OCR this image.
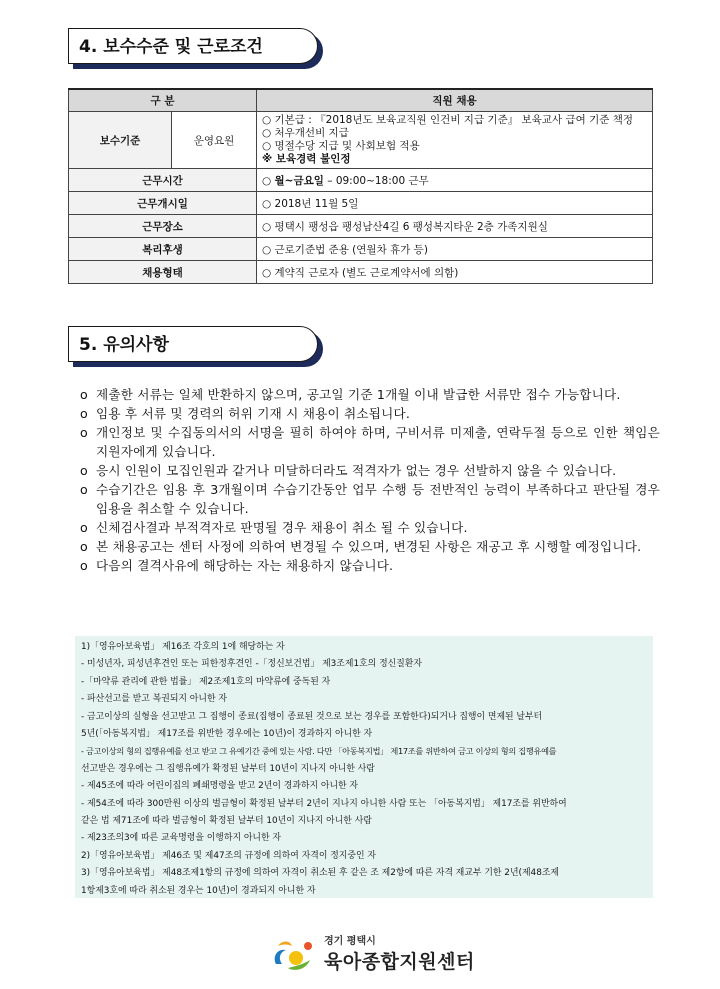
4. 보수수준 및 근로조건
구 분		직원 채용
보수기준	운영요원	○ 기본급 : 『2018년도 보육교직원 인건비 지급 기준』 보육교사 급여 기준 책정
○ 처우개선비 지급
○ 명절수당 지급 및 사회보험 적용
※ 보육경력 불인정

근무시간		○ 월~금요일 – 09:00~18:00 근무
근무개시일		○ 2018년 11월 5일
근무장소		○ 평택시 팽성읍 팽성남산4길 6 팽성복지타운 2층 가족지원실
복리후생		○ 근로기준법 준용 (연월차 휴가 등)
채용형태		○ 계약직 근로자 (별도 근로계약서에 의함)
5. 유의사항
o 제출한 서류는 일체 반환하지 않으며, 공고일 기준 1개월 이내 발급한 서류만 접수 가능합니다.
o 임용 후 서류 및 경력의 허위 기재 시 채용이 취소됩니다.
o 개인정보 및 수집동의서의 서명을 필히 하여야 하며, 구비서류 미제출, 연락두절 등으로 인한 책임은 지원자에게 있습니다.
o 응시 인원이 모집인원과 같거나 미달하더라도 적격자가 없는 경우 선발하지 않을 수 있습니다.
o 수습기간은 임용 후 3개월이며 수습기간동안 업무 수행 등 전반적인 능력이 부족하다고 판단될 경우 임용을 취소할 수 있습니다.
o 신체검사결과 부적격자로 판명될 경우 채용이 취소 될 수 있습니다.
o 본 채용공고는 센터 사정에 의하여 변경될 수 있으며, 변경된 사항은 재공고 후 시행할 예정입니다.
o 다음의 결격사유에 해당하는 자는 채용하지 않습니다.
1)「영유아보육법」 제16조 각호의 1에 해당하는 자
- 미성년자, 피성년후견인 또는 피한정후견인 -「정신보건법」 제3조제1호의 정신질환자
-「마약류 관리에 관한 법률」 제2조제1호의 마약류에 중독된 자
- 파산선고를 받고 복권되지 아니한 자
- 금고이상의 실형을 선고받고 그 집행이 종료(집행이 종료된 것으로 보는 경우를 포함한다)되거나 집행이 면제된 날부터
5년(「아동복지법」 제17조를 위반한 경우에는 10년)이 경과하지 아니한 자
- 금고이상의 형의 집행유예를 선고 받고 그 유예기간 중에 있는 사람. 다만 「아동복지법」 제17조를 위반하여 금고 이상의 형의 집행유예를
선고받은 경우에는 그 집행유예가 확정된 날부터 10년이 지나지 아니한 사람
- 제45조에 따라 어린이집의 폐쇄명령을 받고 2년이 경과하지 아니한 자
- 제54조에 따라 300만원 이상의 벌금형이 확정된 날부터 2년이 지나지 아니한 사람 또는 「아동복지법」 제17조를 위반하여
같은 법 제71조에 따라 벌금형이 확정된 날부터 10년이 지나지 아니한 사람
- 제23조의3에 따른 교육명령을 이행하지 아니한 자
2)「영유아보육법」 제46조 및 제47조의 규정에 의하여 자격이 정지중인 자
3)「영유아보육법」 제48조제1항의 규정에 의하여 자격이 취소된 후 같은 조 제2항에 따른 자격 재교부 기한 2년(제48조제
1항제3호에 따라 취소된 경우는 10년)이 경과되지 아니한 자
경기 평택시
육아종합지원센터
